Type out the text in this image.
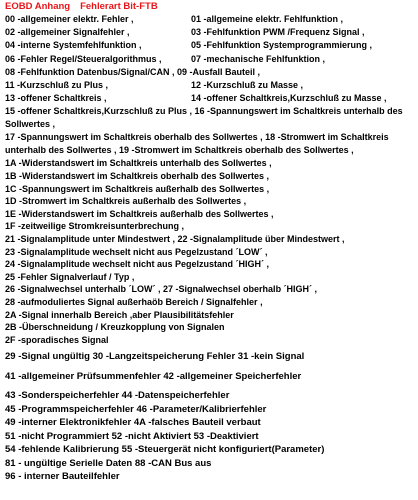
EOBD Anhang Fehlerart Bit-FTB
00 -allgemeiner elektr. Fehler ,	01 -allgemeine elektr. Fehlfunktion ,
02 -allgemeiner Signalfehler ,	03 -Fehlfunktion PWM /Frequenz Signal ,
04 -interne Systemfehlfunktion ,	05 -Fehlfunktion Systemprogrammierung ,
06 -Fehler Regel/Steueralgorithmus ,	07 -mechanische Fehlfunktion ,
08 -Fehlfunktion Datenbus/Signal/CAN , 09 -Ausfall Bauteil ,
11 -Kurzschluß zu Plus ,	12 -Kurzschluß zu Masse ,
13 -offener Schaltkreis ,	14 -offener Schaltkreis,Kurzschluß zu Masse ,
15 -offener Schaltkreis,Kurzschluß zu Plus , 16 -Spannungswert im Schaltkreis unterhalb des Sollwertes ,
17 -Spannungswert im Schaltkreis oberhalb des Sollwertes , 18 -Stromwert im Schaltkreis unterhalb des Sollwertes , 19 -Stromwert im Schaltkreis oberhalb des Sollwertes ,
1A -Widerstandswert im Schaltkreis unterhalb des Sollwertes ,
1B -Widerstandswert im Schaltkreis oberhalb des Sollwertes ,
1C -Spannungswert im Schaltkreis außerhalb des Sollwertes ,
1D -Stromwert im Schaltkreis außerhalb des Sollwertes ,
1E -Widerstandswert im Schaltkreis außerhalb des Sollwertes ,
1F -zeitweilige Stromkreisunterbrechung ,
21 -Signalamplitude unter Mindestwert , 22 -Signalamplitude über Mindestwert ,
23 -Signalamplitude wechselt nicht aus Pegelzustand ´LOW´ ,
24 -Signalamplitude wechselt nicht aus Pegelzustand ´HIGH´ ,
25 -Fehler Signalverlauf / Typ ,
26 -Signalwechsel unterhalb ´LOW´ , 27 -Signalwechsel oberhalb ´HIGH´ ,
28 -aufmoduliertes Signal außerhaöb Bereich / Signalfehler ,
2A -Signal innerhalb Bereich ,aber Plausibilitätsfehler
2B -Überschneidung / Kreuzkopplung von Signalen
2F -sporadisches Signal
29 -Signal ungültig 30 -Langzeitspeicherung Fehler 31 -kein Signal
41 -allgemeiner Prüfsummenfehler 42 -allgemeiner Speicherfehler
43 -Sonderspeicherfehler 44 -Datenspeicherfehler
45 -Programmspeicherfehler 46 -Parameter/Kalibrierfehler
49 -interner Elektronikfehler 4A -falsches Bauteil verbaut
51 -nicht Programmiert 52 -nicht Aktiviert 53 -Deaktiviert
54 -fehlende Kalibrierung 55 -Steuergerät nicht konfiguriert(Parameter)
81 - ungültige Serielle Daten 88 -CAN Bus aus
96 - interner Bauteilfehler
